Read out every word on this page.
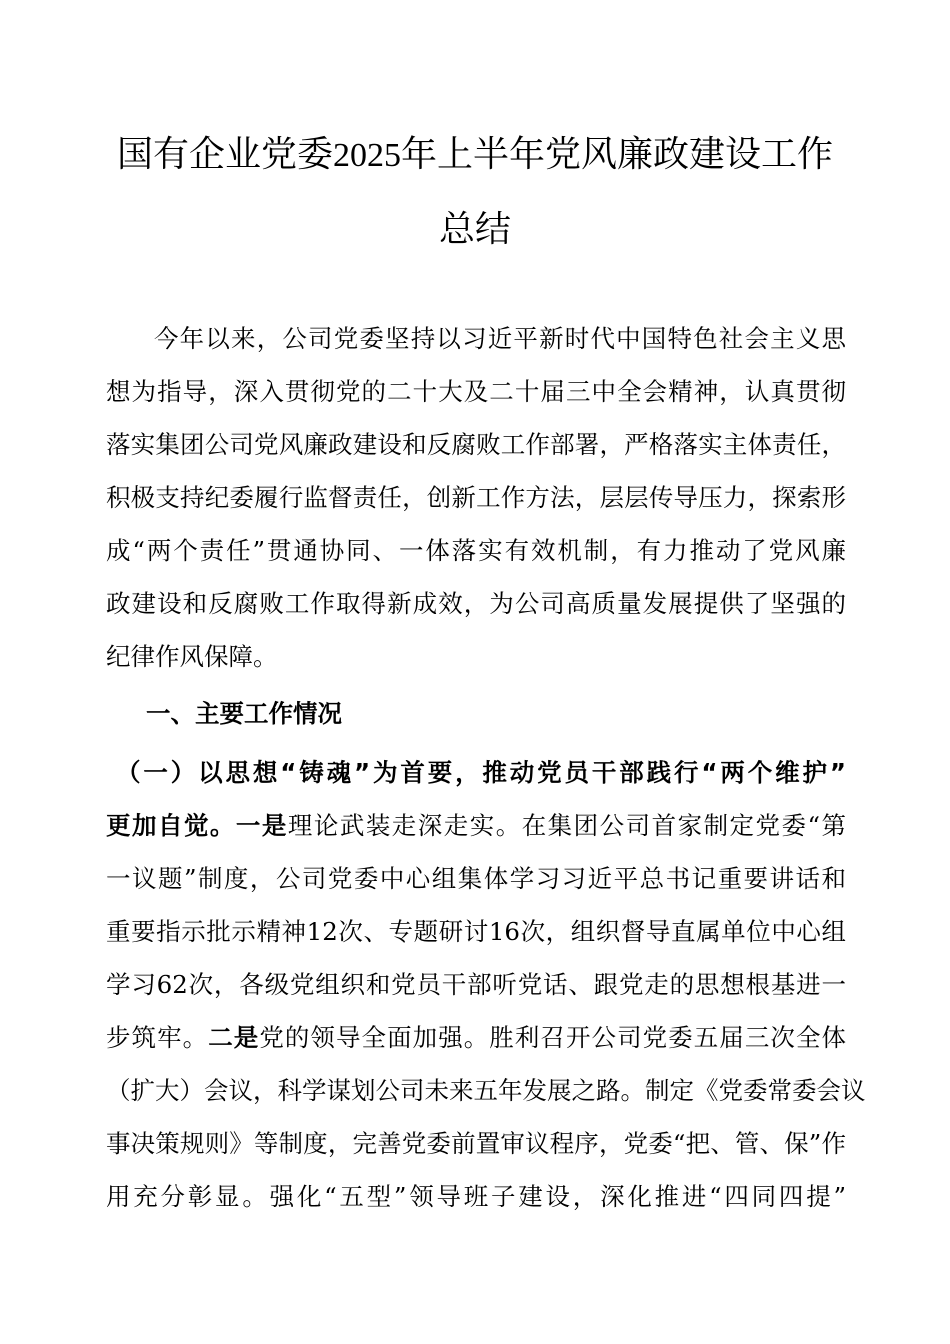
国有企业党委2025年上半年党风廉政建设工作
总结
今年以来，公司党委坚持以习近平新时代中国特色社会主义思
想为指导，深入贯彻党的二十大及二十届三中全会精神，认真贯彻
落实集团公司党风廉政建设和反腐败工作部署，严格落实主体责任，
积极支持纪委履行监督责任，创新工作方法，层层传导压力，探索形
成“两个责任”贯通协同、一体落实有效机制，有力推动了党风廉
政建设和反腐败工作取得新成效，为公司高质量发展提供了坚强的
纪律作风保障。
一、主要工作情况
（一）以思想“铸魂”为首要，推动党员干部践行“两个维护”
更加自觉。一是理论武装走深走实。在集团公司首家制定党委“第
一议题”制度，公司党委中心组集体学习习近平总书记重要讲话和
重要指示批示精神12次、专题研讨16次，组织督导直属单位中心组
学习62次，各级党组织和党员干部听党话、跟党走的思想根基进一
步筑牢。二是党的领导全面加强。胜利召开公司党委五届三次全体
（扩大）会议，科学谋划公司未来五年发展之路。制定《党委常委会议
事决策规则》等制度，完善党委前置审议程序，党委“把、管、保”作
用充分彰显。强化“五型”领导班子建设，深化推进“四同四提”
